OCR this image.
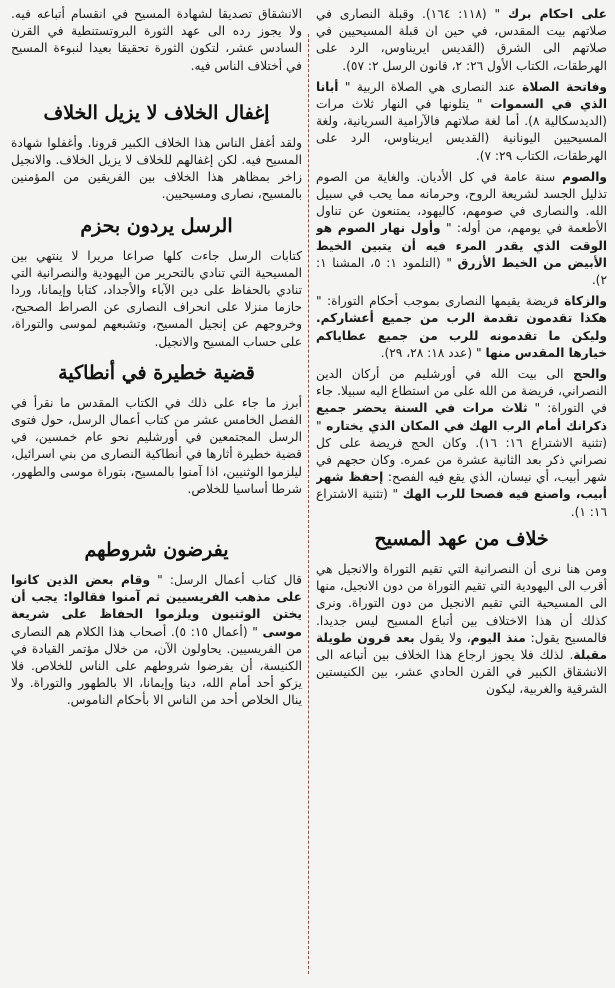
على احكام برك " (١١٨: ١٦٤). وقبلة النصارى في صلاتهم بيت المقدس، في حين ان قبلة المسيحيين في صلاتهم الى الشرق (القديس ايريناوس، الرد على الهرطقات، الكتاب الأول ٢٦: ٢، قانون الرسل ٢: ٥٧).

وفاتحة الصلاة عند النصارى هي الصلاة الربية " أبانا الذي في السموات " يتلونها في النهار ثلاث مرات (الديدسكالية ٨). أما لغة صلاتهم فالآرامية السريانية، ولغة المسيحيين اليونانية (القديس ايريناوس، الرد على الهرطقات، الكتاب ٢٩: ٧).

والصوم سنة عامة في كل الأديان. والغاية من الصوم تذليل الجسد لشريعة الروح، وحرمانه مما يحب في سبيل الله. والنصارى في صومهم، كاليهود، يمتنعون عن تناول الأطعمة في يومهم، من أوله: " وأول نهار الصوم هو الوقت الذي يقدر المرء فيه أن يتبين الخيط الأبيض من الخيط الأزرق " (التلمود ١: ٥، المشنا ١: ٢).

والزكاة فريضة يقيمها النصارى بموجب أحكام التوراة: " هكذا تقدمون تقدمة الرب من جميع أعشاركم. وليكن ما تقدمونه للرب من جميع عطاياكم خيارها المقدس منها " (عدد ١٨: ٢٨، ٢٩).

والحج الى بيت الله في أورشليم من أركان الدين النصراني، فريضة من الله على من استطاع اليه سبيلا. جاء في التوراة: " ثلاث مرات في السنة يحضر جميع ذكرانك أمام الرب الهك في المكان الذي يختاره " (تثنية الاشتراع ١٦: ١٦). وكان الحج فريضة على كل نصراني ذكر بعد الثانية عشرة من عمره. وكان حجهم في شهر أبيب، أي نيسان، الذي يقع فيه الفصح: إحفظ شهر أبيب، واصنع فيه فصحا للرب الهك " (تثنية الاشتراع ١٦: ١).

خلاف من عهد المسيح

ومن هنا نرى أن النصرانية التي تقيم التوراة والانجيل هي أقرب الى اليهودية التي تقيم التوراة من دون الانجيل، منها الى المسيحية التي تقيم الانجيل من دون التوراة. ونرى كذلك أن هذا الاختلاف بين أتباع المسيح ليس جديدا. فالمسيح يقول: منذ اليوم، ولا يقول بعد قرون طويلة مقبلة. لذلك فلا يجوز ارجاع هذا الخلاف بين أتباعه الى الانشقاق الكبير في القرن الحادي عشر، بين الكنيستين الشرقية والغربية، ليكون

الانشقاق تصديقا لشهادة المسيح في انقسام أتباعه فيه. ولا يجوز رده الى عهد الثورة البروتستنطية في القرن السادس عشر، لتكون الثورة تحقيقا بعيدا لنبوءة المسيح في أختلاف الناس فيه.

إغفال الخلاف لا يزيل الخلاف

ولقد أغفل الناس هذا الخلاف الكبير قرونا. وأغفلوا شهادة المسيح فيه. لكن إغفالهم للخلاف لا يزيل الخلاف. والانجيل زاخر بمظاهر هذا الخلاف بين الفريقين من المؤمنين بالمسيح، نصارى ومسيحيين.

الرسل يردون بحزم

كتابات الرسل جاءت كلها صراعا مريرا لا ينتهي بين المسيحية التي تنادي بالتحرير من اليهودية والنصرانية التي تنادي بالحفاظ على دين الآباء والأجداد، كتابا وإيمانا، وردا حازما منزلا على انحراف النصارى عن الصراط الصحيح، وخروجهم عن إنجيل المسيح، وتشبعهم لموسى والتوراة، على حساب المسيح والانجيل.

قضية خطيرة في أنطاكية

أبرز ما جاء على ذلك في الكتاب المقدس ما نقرأ في الفصل الخامس عشر من كتاب أعمال الرسل، حول فتوى الرسل المجتمعين في أورشليم نحو عام خمسين، في قضية خطيرة أثارها في أنطاكية النصارى من بني اسرائيل، ليلزموا الوثنيين، اذا آمنوا بالمسيح، بتوراة موسى والطهور، شرطا أساسيا للخلاص.

يفرضون شروطهم

قال كتاب أعمال الرسل: " وقام بعض الذين كانوا على مذهب الفريسيين ثم آمنوا فقالوا: يجب أن يختن الوثنيون ويلزموا الحفاظ على شريعة موسى " (أعمال ١٥: ٥). أصحاب هذا الكلام هم النصارى من الفريسيين. يحاولون الآن، من خلال مؤتمر القيادة في الكنيسة، أن يفرضوا شروطهم على الناس للخلاص. فلا يزكو أحد أمام الله، دينا وإيمانا، الا بالطهور والتوراة. ولا ينال الخلاص أحد من الناس الا بأحكام الناموس.
